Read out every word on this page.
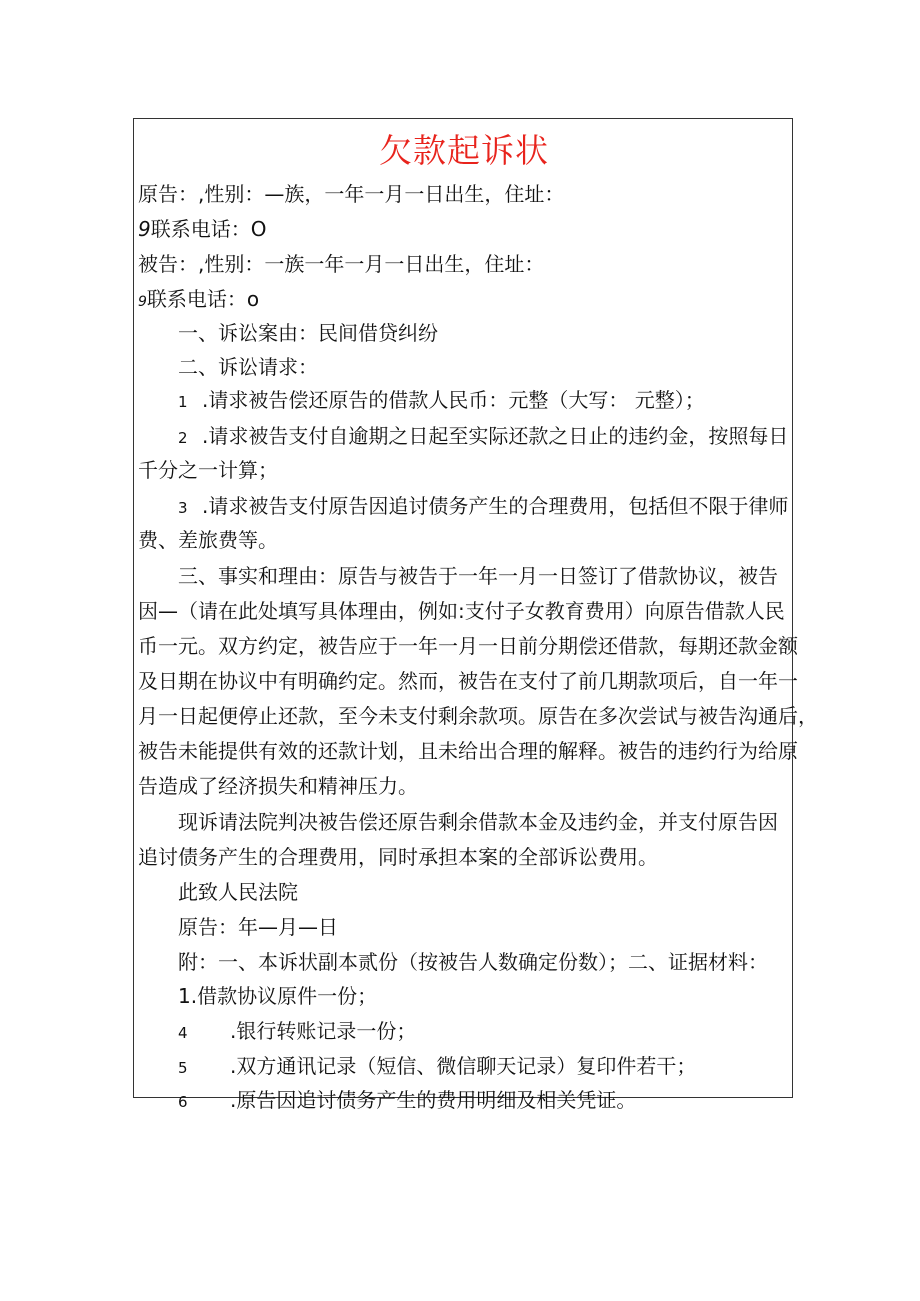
欠款起诉状
原告：,性别：—族，一年一月一日出生，住址：
9联系电话：O
被告：,性别：一族一年一月一日出生，住址：
9联系电话：o
一、诉讼案由：民间借贷纠纷
二、诉讼请求：
1 .请求被告偿还原告的借款人民币：元整（大写： 元整）；
2 .请求被告支付自逾期之日起至实际还款之日止的违约金，按照每日
千分之一计算；
3 .请求被告支付原告因追讨债务产生的合理费用，包括但不限于律师
费、差旅费等。
三、事实和理由：原告与被告于一年一月一日签订了借款协议，被告
因—（请在此处填写具体理由，例如:支付子女教育费用）向原告借款人民
币一元。双方约定，被告应于一年一月一日前分期偿还借款，每期还款金额
及日期在协议中有明确约定。然而，被告在支付了前几期款项后，自一年一
月一日起便停止还款，至今未支付剩余款项。原告在多次尝试与被告沟通后，
被告未能提供有效的还款计划，且未给出合理的解释。被告的违约行为给原
告造成了经济损失和精神压力。
现诉请法院判决被告偿还原告剩余借款本金及违约金，并支付原告因
追讨债务产生的合理费用，同时承担本案的全部诉讼费用。
此致人民法院
原告：年—月—日
附：一、本诉状副本贰份（按被告人数确定份数）；二、证据材料：
1.借款协议原件一份；
4 .银行转账记录一份；
5 .双方通讯记录（短信、微信聊天记录）复印件若干；
6 .原告因追讨债务产生的费用明细及相关凭证。
